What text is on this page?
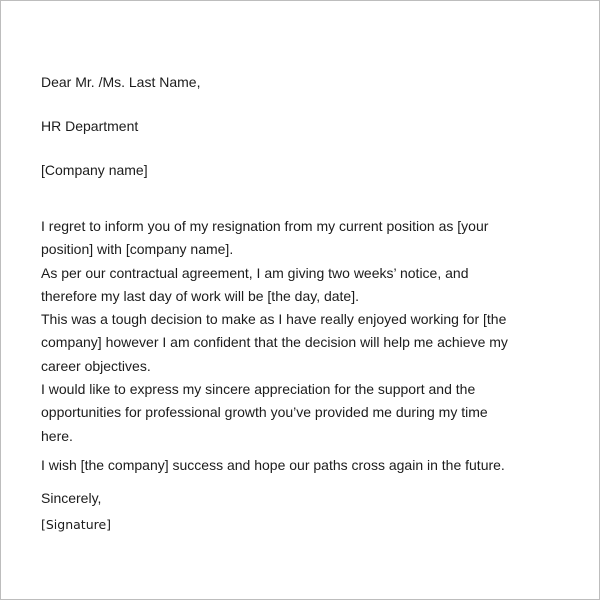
Dear Mr. /Ms. Last Name,

HR Department

[Company name]

I regret to inform you of my resignation from my current position as [your
position] with [company name].
As per our contractual agreement, I am giving two weeks’ notice, and
therefore my last day of work will be [the day, date].
This was a tough decision to make as I have really enjoyed working for [the
company] however I am confident that the decision will help me achieve my
career objectives.
I would like to express my sincere appreciation for the support and the
opportunities for professional growth you’ve provided me during my time
here.

I wish [the company] success and hope our paths cross again in the future.

Sincerely,

[Signature]
